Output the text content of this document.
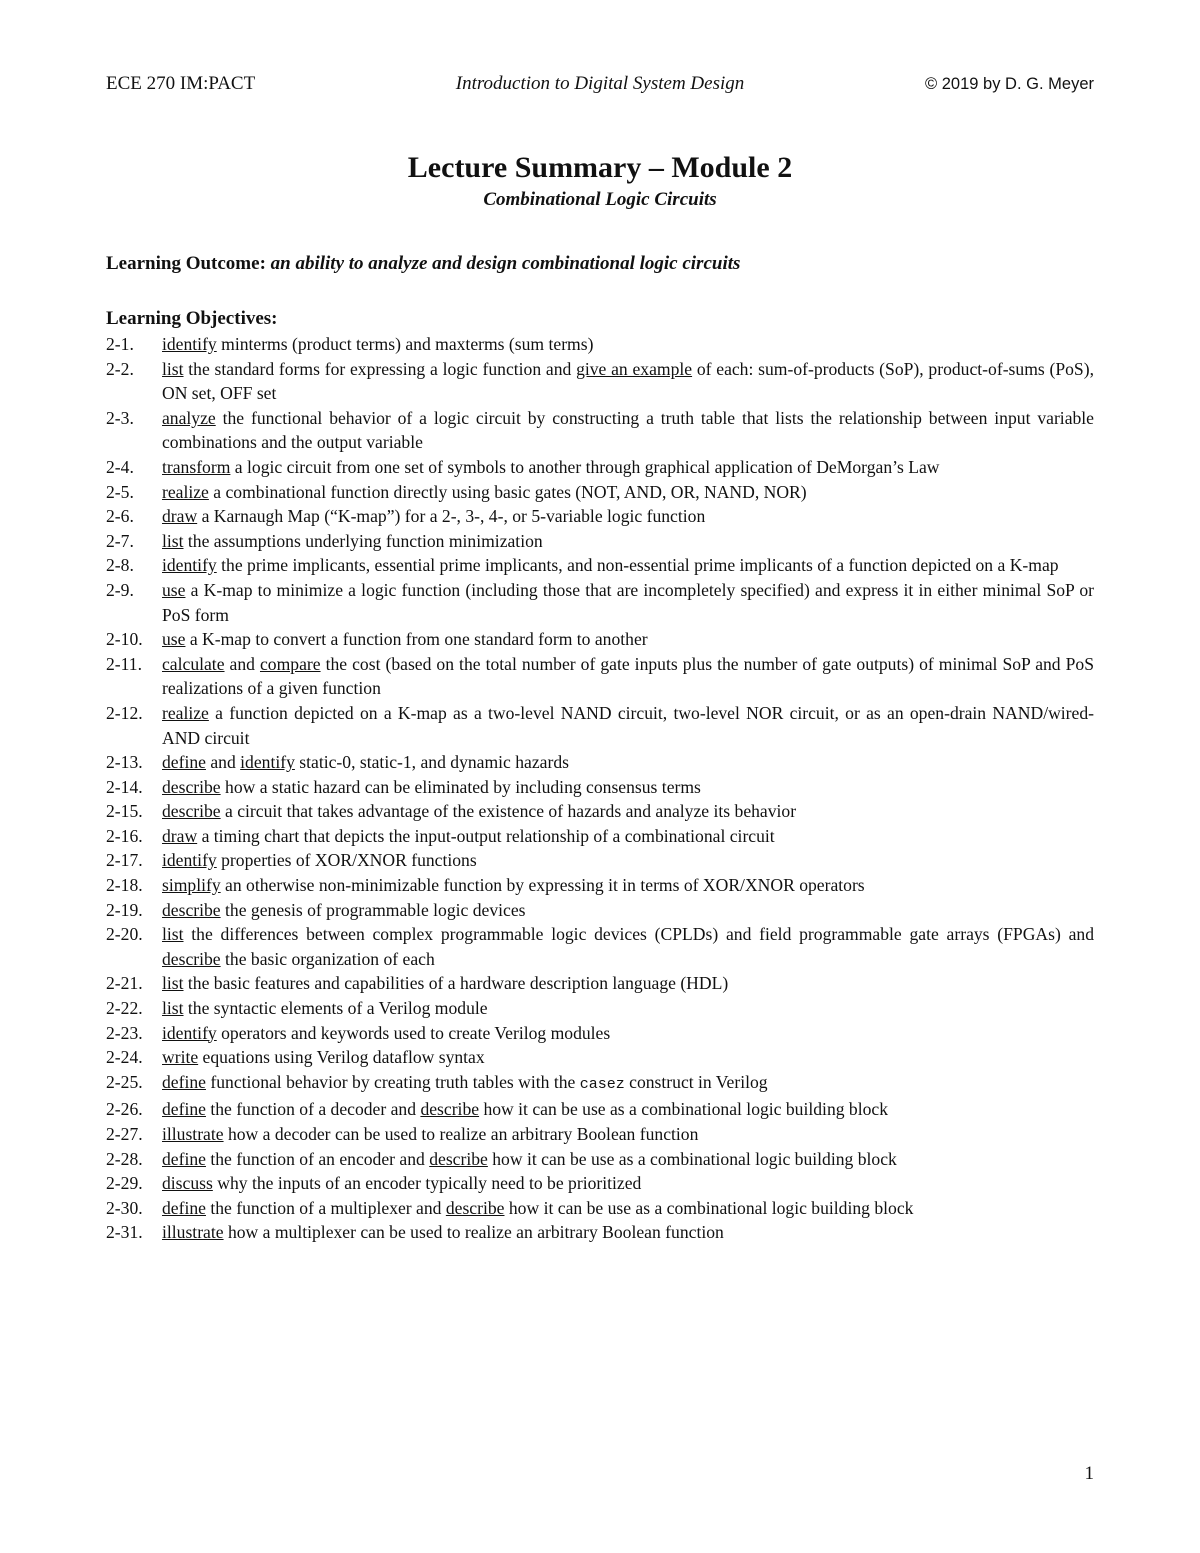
Introduction to Digital System Design
ECE 270 IM:PACT	© 2019 by D. G. Meyer
Lecture Summary – Module 2
Combinational Logic Circuits
Learning Outcome: an ability to analyze and design combinational logic circuits
Learning Objectives:
2-1. identify minterms (product terms) and maxterms (sum terms)
2-2. list the standard forms for expressing a logic function and give an example of each: sum-of-products (SoP), product-of-sums (PoS), ON set, OFF set
2-3. analyze the functional behavior of a logic circuit by constructing a truth table that lists the relationship between input variable combinations and the output variable
2-4. transform a logic circuit from one set of symbols to another through graphical application of DeMorgan’s Law
2-5. realize a combinational function directly using basic gates (NOT, AND, OR, NAND, NOR)
2-6. draw a Karnaugh Map (“K-map”) for a 2-, 3-, 4-, or 5-variable logic function
2-7. list the assumptions underlying function minimization
2-8. identify the prime implicants, essential prime implicants, and non-essential prime implicants of a function depicted on a K-map
2-9. use a K-map to minimize a logic function (including those that are incompletely specified) and express it in either minimal SoP or PoS form
2-10. use a K-map to convert a function from one standard form to another
2-11. calculate and compare the cost (based on the total number of gate inputs plus the number of gate outputs) of minimal SoP and PoS realizations of a given function
2-12. realize a function depicted on a K-map as a two-level NAND circuit, two-level NOR circuit, or as an open-drain NAND/wired-AND circuit
2-13. define and identify static-0, static-1, and dynamic hazards
2-14. describe how a static hazard can be eliminated by including consensus terms
2-15. describe a circuit that takes advantage of the existence of hazards and analyze its behavior
2-16. draw a timing chart that depicts the input-output relationship of a combinational circuit
2-17. identify properties of XOR/XNOR functions
2-18. simplify an otherwise non-minimizable function by expressing it in terms of XOR/XNOR operators
2-19. describe the genesis of programmable logic devices
2-20. list the differences between complex programmable logic devices (CPLDs) and field programmable gate arrays (FPGAs) and describe the basic organization of each
2-21. list the basic features and capabilities of a hardware description language (HDL)
2-22. list the syntactic elements of a Verilog module
2-23. identify operators and keywords used to create Verilog modules
2-24. write equations using Verilog dataflow syntax
2-25. define functional behavior by creating truth tables with the casez construct in Verilog
2-26. define the function of a decoder and describe how it can be use as a combinational logic building block
2-27. illustrate how a decoder can be used to realize an arbitrary Boolean function
2-28. define the function of an encoder and describe how it can be use as a combinational logic building block
2-29. discuss why the inputs of an encoder typically need to be prioritized
2-30. define the function of a multiplexer and describe how it can be use as a combinational logic building block
2-31. illustrate how a multiplexer can be used to realize an arbitrary Boolean function
1
